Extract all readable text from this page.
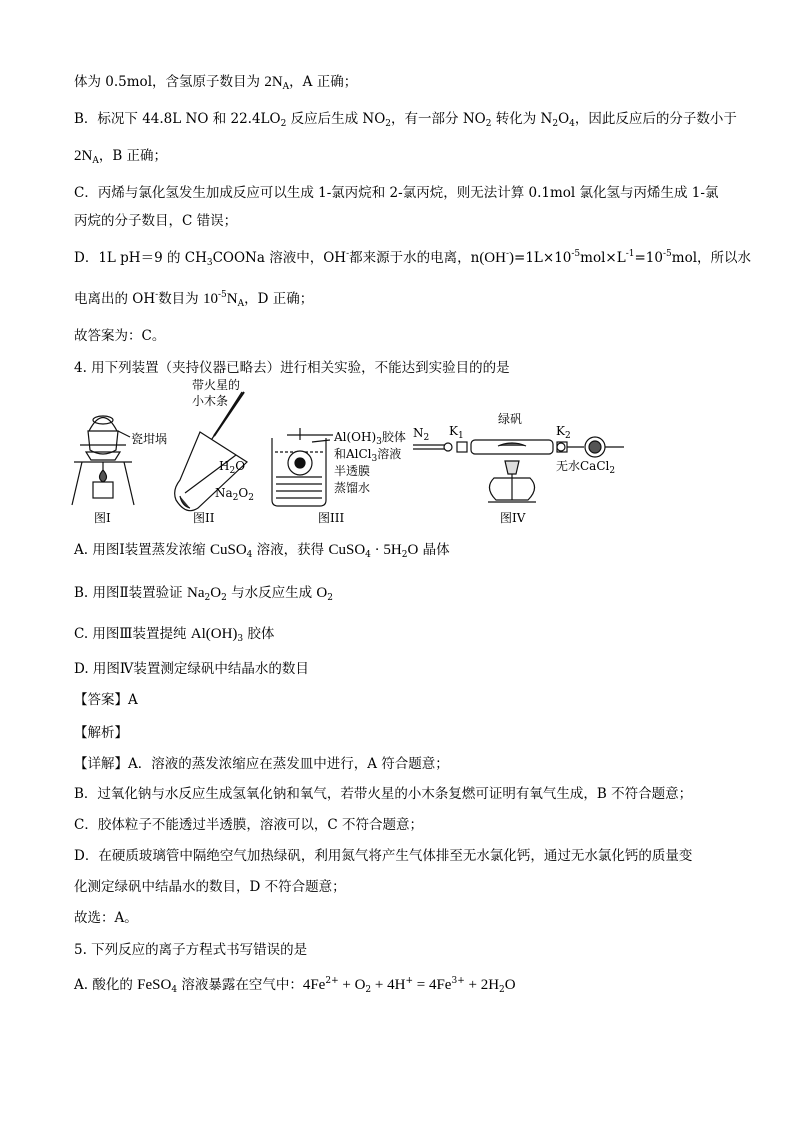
体为 0.5mol，含氢原子数目为 $2N_A$，A 正确；
B．标况下 44.8L NO 和 $22.4LO_2$ 反应后生成 $NO_2$，有一部分 $NO_2$ 转化为 $N_2O_4$，因此反应后的分子数小于
$2N_A$，B 正确；
C．丙烯与氯化氢发生加成反应可以生成 1-氯丙烷和 2-氯丙烷，则无法计算 0.1mol 氯化氢与丙烯生成 1-氯
丙烷的分子数目，C 错误；
D．1L pH＝9 的 $CH_3COONa$ 溶液中，OH-都来源于水的电离，$n(OH^-)=1L\times 10^{-5}mol\times L^{-1}=10^{-5}mol$，所以水
电离出的 OH-数目为 $10^{-5}N_A$，D 正确；
故答案为：C。
4. 用下列装置（夹持仪器已略去）进行相关实验，不能达到实验目的的是
瓷坩埚
图I
带火星的
小木条
$H_2O$
$Na_2O_2$
图II
$Al(OH)_3$胶体
和AlCl$_3$溶液
半透膜
蒸馏水
图III
$N_2$ $K_1$
绿矾
$K_2$
无水CaCl$_2$
图IV
A. 用图Ⅰ装置蒸发浓缩 CuSO$_4$ 溶液，获得 CuSO$_4$ · $5H_2O$ 晶体
B. 用图Ⅱ装置验证 $Na_2O_2$ 与水反应生成 $O_2$
C. 用图Ⅲ装置提纯 $Al(OH)_3$ 胶体
D. 用图Ⅳ装置测定绿矾中结晶水的数目
【答案】A
【解析】
【详解】A．溶液的蒸发浓缩应在蒸发皿中进行，A 符合题意；
B．过氧化钠与水反应生成氢氧化钠和氧气，若带火星的小木条复燃可证明有氧气生成，B 不符合题意；
C．胶体粒子不能透过半透膜，溶液可以，C 不符合题意；
D．在硬质玻璃管中隔绝空气加热绿矾，利用氮气将产生气体排至无水氯化钙，通过无水氯化钙的质量变
化测定绿矾中结晶水的数目，D 不符合题意；
故选：A。
5. 下列反应的离子方程式书写错误的是
A. 酸化的 FeSO$_4$ 溶液暴露在空气中：$4Fe^{2+} + O_2 + 4H^+ = 4Fe^{3+} + 2H_2O$
